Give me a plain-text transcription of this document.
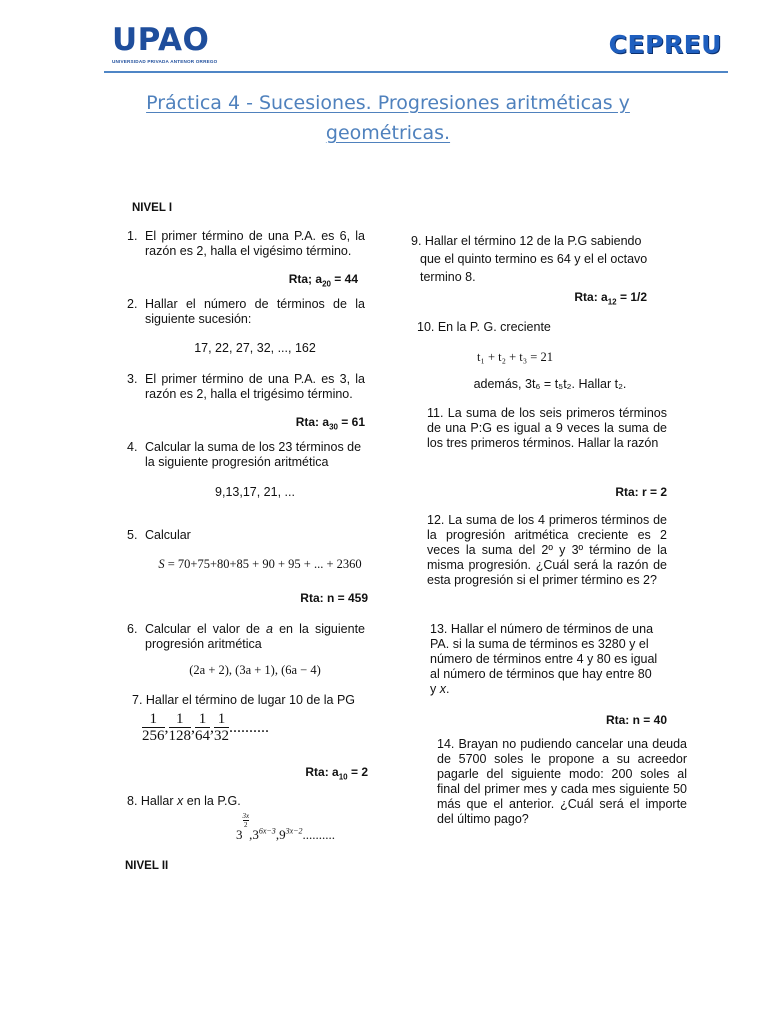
UPAO
UNIVERSIDAD PRIVADA ANTENOR ORREGO
CEPREU
Práctica 4 - Sucesiones. Progresiones aritméticas y
geométricas.
NIVEL I
1. El primer término de una P.A. es 6, la razón es 2, halla el vigésimo término.
Rta; $a_{20} = 44$
2. Hallar el número de términos de la siguiente sucesión:
17, 22, 27, 32, ..., 162
3. El primer término de una P.A. es 3, la razón es 2, halla el trigésimo término.
Rta: $a_{30} = 61$
4. Calcular la suma de los 23 términos de la siguiente progresión aritmética
9,13,17, 21, ...
5. Calcular
S = 70+75+80+85 + 90 + 95 + ... + 2360
Rta: n = 459
6. Calcular el valor de a en la siguiente progresión aritmética
(2a + 2), (3a + 1), (6a − 4)
7. Hallar el término de lugar 10 de la PG
$\frac{1}{256}$ , $\frac{1}{128}$ , $\frac{1}{64}$ , $\frac{1}{32}$ ..........
Rta: $a_{10} = 2$
8. Hallar x en la P.G.
3
$\frac{3x}{2}$
$,3^{6x-3},9^{3x-2}$..........
NIVEL II
9. Hallar el término 12 de la P.G sabiendo
que el quinto termino es 64 y el el octavo
termino 8.
Rta: $a_{12} = 1/2$
10. En la P. G. creciente
t₁ + t₂ + t₃ = 21
además, 3t₆ = t₅t₂. Hallar t₂.
11. La suma de los seis primeros términos de una P:G es igual a 9 veces la suma de los tres primeros términos. Hallar la razón
Rta: r = 2
12. La suma de los 4 primeros términos de la progresión aritmética creciente es 2 veces la suma del 2º y 3º término de la misma progresión. ¿Cuál será la razón de esta progresión si el primer término es 2?
13. Hallar el número de términos de una PA. si la suma de términos es 3280 y el número de términos entre 4 y 80 es igual al número de términos que hay entre 80 y x.
Rta: n = 40
14. Brayan no pudiendo cancelar una deuda de 5700 soles le propone a su acreedor pagarle del siguiente modo: 200 soles al final del primer mes y cada mes siguiente 50 más que el anterior. ¿Cuál será el importe del último pago?
